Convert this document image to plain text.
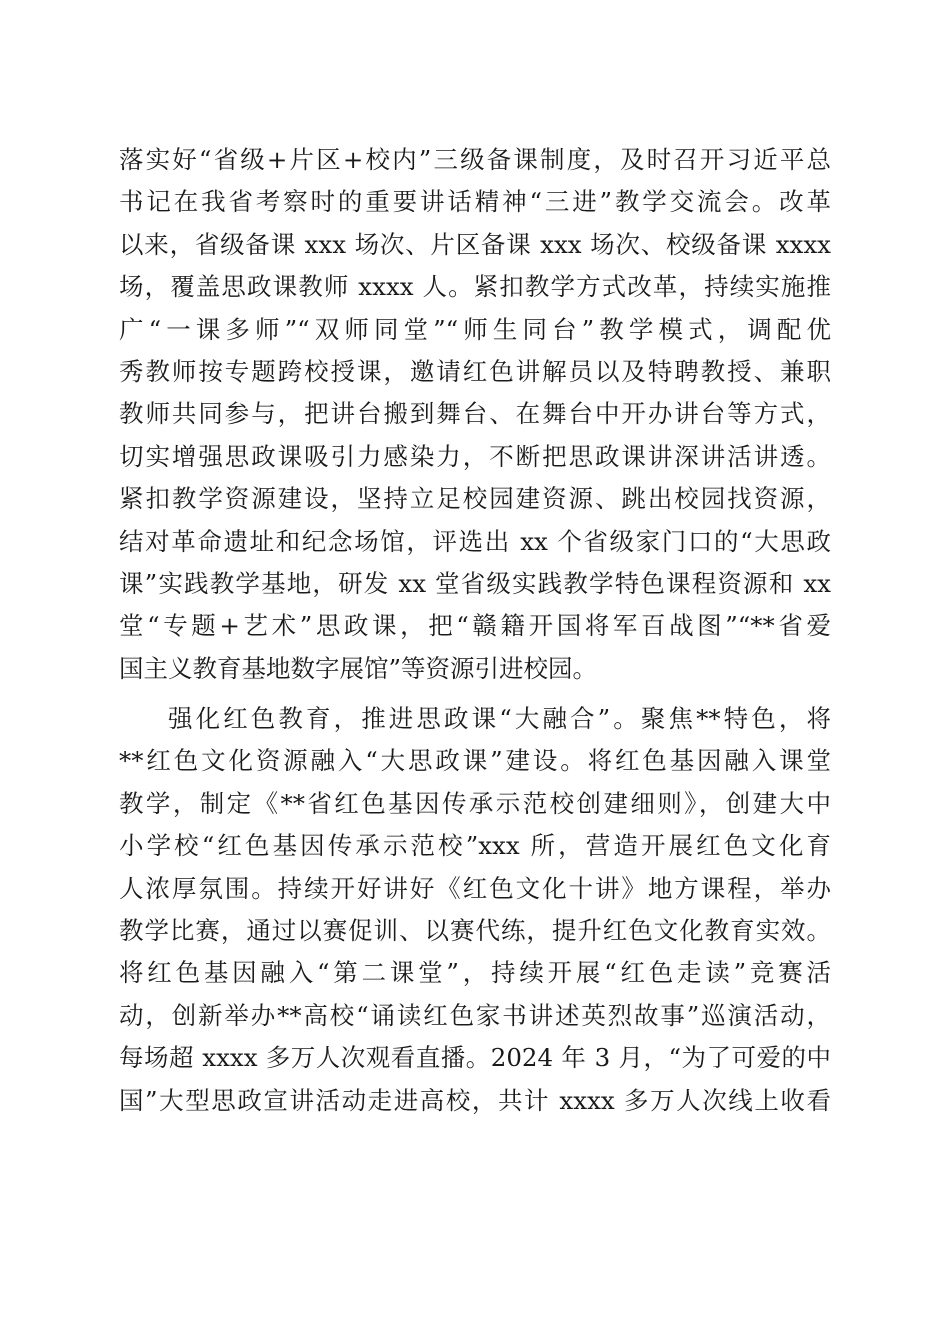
落实好“省级+片区+校内”三级备课制度，及时召开习近平总
书记在我省考察时的重要讲话精神“三进”教学交流会。改革
以来，省级备课 xxx 场次、片区备课 xxx 场次、校级备课 xxxx
场，覆盖思政课教师 xxxx 人。紧扣教学方式改革，持续实施推
广“一课多师”“双师同堂”“师生同台”教学模式，调配优
秀教师按专题跨校授课，邀请红色讲解员以及特聘教授、兼职
教师共同参与，把讲台搬到舞台、在舞台中开办讲台等方式，
切实增强思政课吸引力感染力，不断把思政课讲深讲活讲透。
紧扣教学资源建设，坚持立足校园建资源、跳出校园找资源，
结对革命遗址和纪念场馆，评选出 xx 个省级家门口的“大思政
课”实践教学基地，研发 xx 堂省级实践教学特色课程资源和 xx
堂“专题+艺术”思政课，把“赣籍开国将军百战图”“**省爱
国主义教育基地数字展馆”等资源引进校园。
强化红色教育，推进思政课“大融合”。聚焦**特色，将
**红色文化资源融入“大思政课”建设。将红色基因融入课堂
教学，制定《**省红色基因传承示范校创建细则》，创建大中
小学校“红色基因传承示范校”xxx 所，营造开展红色文化育
人浓厚氛围。持续开好讲好《红色文化十讲》地方课程，举办
教学比赛，通过以赛促训、以赛代练，提升红色文化教育实效。
将红色基因融入“第二课堂”，持续开展“红色走读”竞赛活
动，创新举办**高校“诵读红色家书讲述英烈故事”巡演活动，
每场超 xxxx 多万人次观看直播。2024 年 3 月，“为了可爱的中
国”大型思政宣讲活动走进高校，共计 xxxx 多万人次线上收看
